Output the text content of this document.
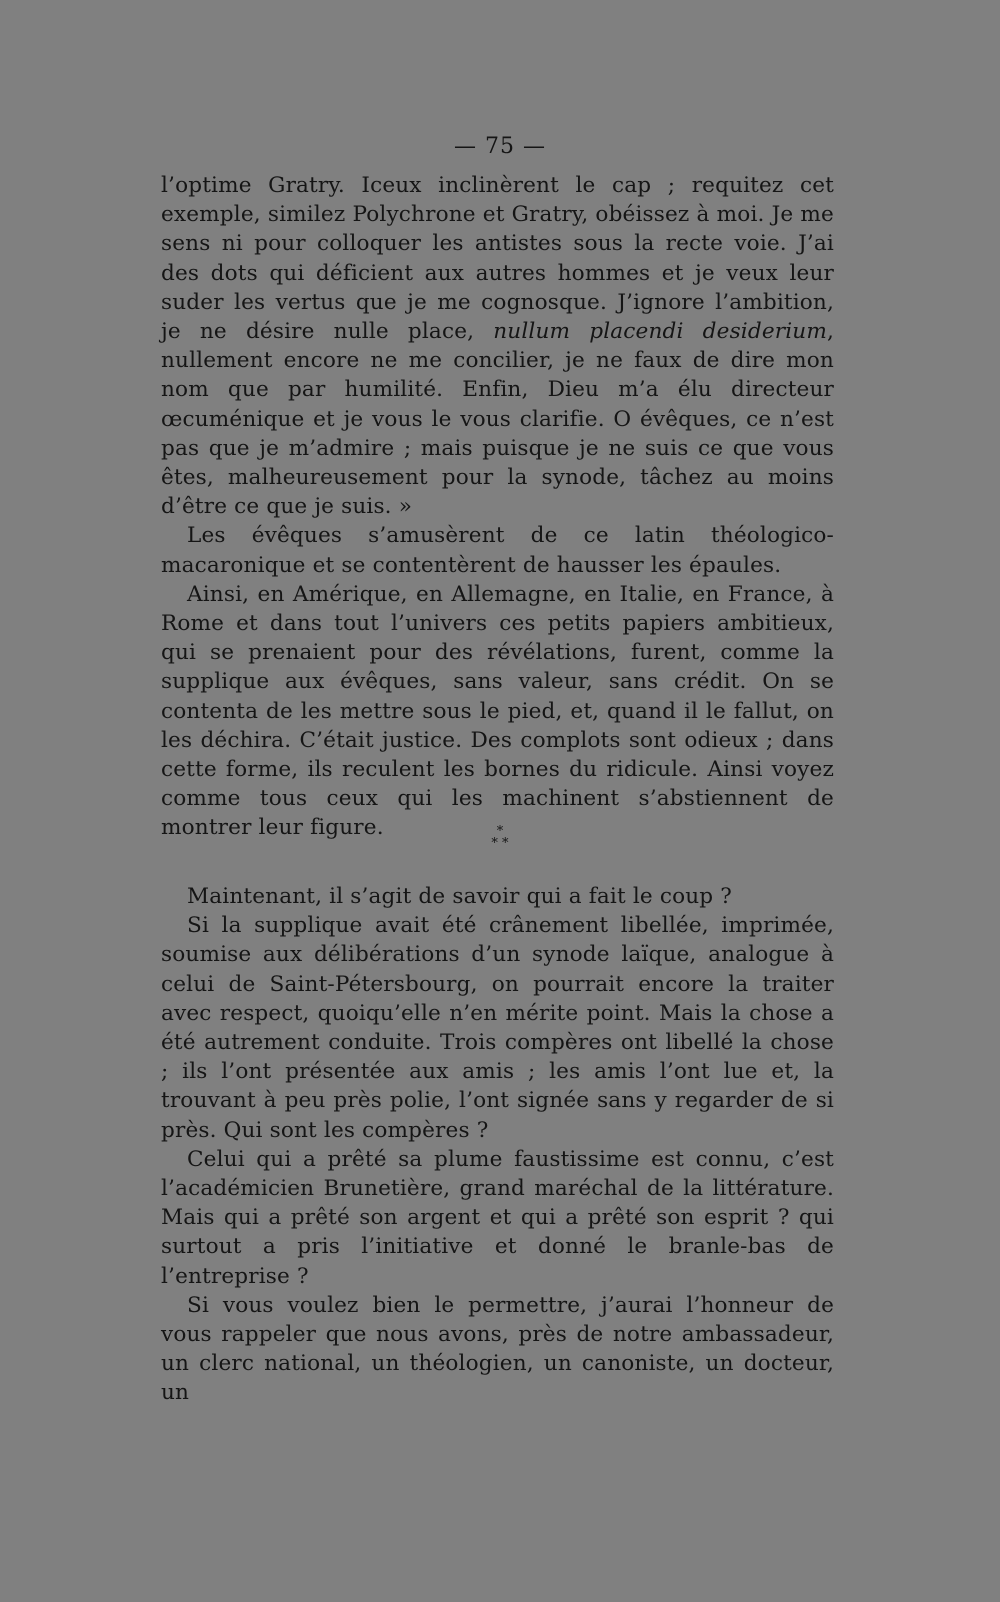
— 75 —

l’optime Gratry. Iceux inclinèrent le cap ; requitez cet exemple, similez Polychrone et Gratry, obéissez à moi. Je me sens ni pour colloquer les antistes sous la recte voie. J’ai des dots qui déficient aux autres hommes et je veux leur suder les vertus que je me cognosque. J’ignore l’ambition, je ne désire nulle place, nullum placendi desiderium, nullement encore ne me concilier, je ne faux de dire mon nom que par humilité. Enfin, Dieu m’a élu directeur œcuménique et je vous le vous clarifie. O évêques, ce n’est pas que je m’admire ; mais puisque je ne suis ce que vous êtes, malheureusement pour la synode, tâchez au moins d’être ce que je suis. »

Les évêques s’amusèrent de ce latin théologico-macaronique et se contentèrent de hausser les épaules.

Ainsi, en Amérique, en Allemagne, en Italie, en France, à Rome et dans tout l’univers ces petits papiers ambitieux, qui se prenaient pour des révélations, furent, comme la supplique aux évêques, sans valeur, sans crédit. On se contenta de les mettre sous le pied, et, quand il le fallut, on les déchira. C’était justice. Des complots sont odieux ; dans cette forme, ils reculent les bornes du ridicule. Ainsi voyez comme tous ceux qui les machinent s’abstiennent de montrer leur figure.	*
* *

Maintenant, il s’agit de savoir qui a fait le coup ?

Si la supplique avait été crânement libellée, imprimée, soumise aux délibérations d’un synode laïque, analogue à celui de Saint-Pétersbourg, on pourrait encore la traiter avec respect, quoiqu’elle n’en mérite point. Mais la chose a été autrement conduite. Trois compères ont libellé la chose ; ils l’ont présentée aux amis ; les amis l’ont lue et, la trouvant à peu près polie, l’ont signée sans y regarder de si près. Qui sont les compères ?

Celui qui a prêté sa plume faustissime est connu, c’est l’académicien Brunetière, grand maréchal de la littérature. Mais qui a prêté son argent et qui a prêté son esprit ? qui surtout a pris l’initiative et donné le branle-bas de l’entreprise ?

Si vous voulez bien le permettre, j’aurai l’honneur de vous rappeler que nous avons, près de notre ambassadeur, un clerc national, un théologien, un canoniste, un docteur, un
